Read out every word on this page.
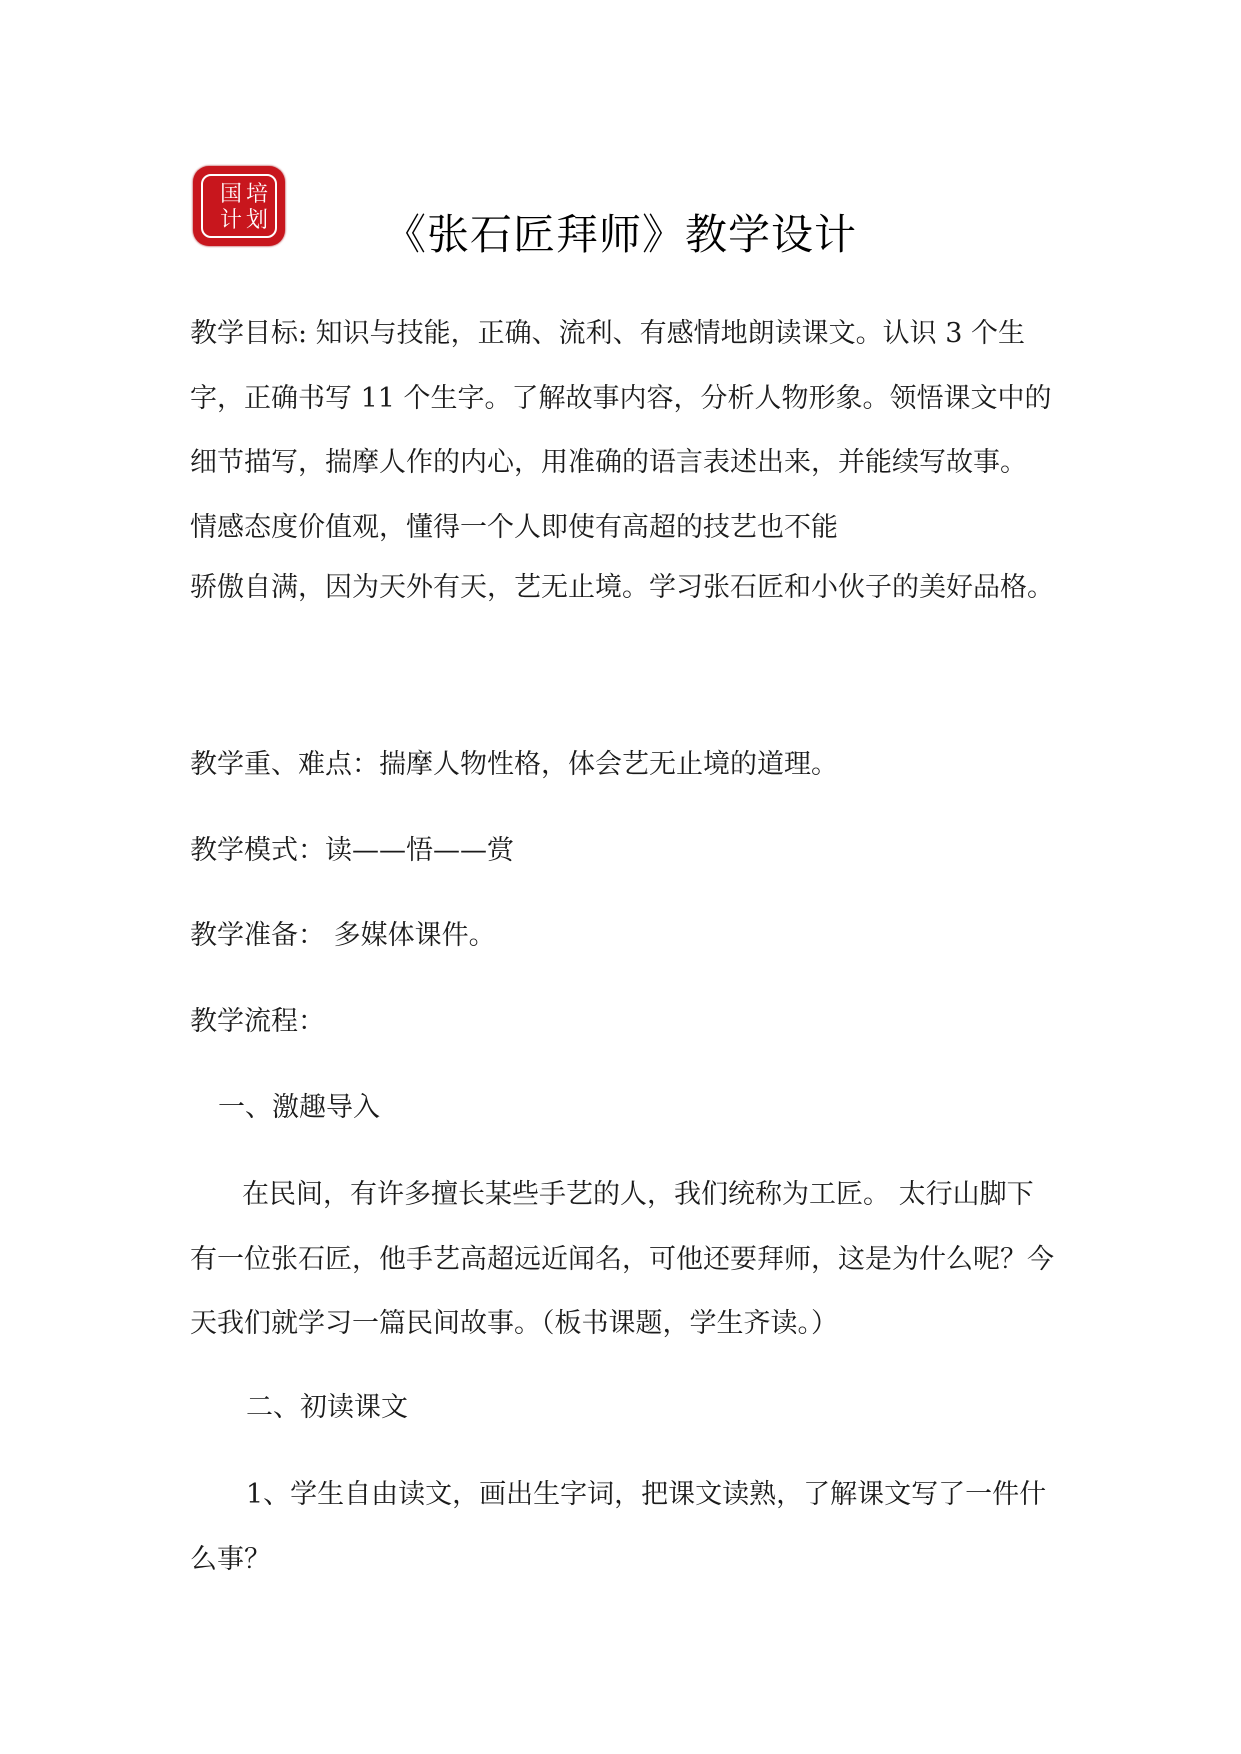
国 培
计 划	《张石匠拜师》教学设计

教学目标: 知识与技能，正确、流利、有感情地朗读课文。认识 3 个生字，正确书写 11 个生字。了解故事内容，分析人物形象。领悟课文中的细节描写，揣摩人作的内心，用准确的语言表述出来，并能续写故事。 情感态度价值观，懂得一个人即使有高超的技艺也不能

骄傲自满，因为天外有天，艺无止境。学习张石匠和小伙子的美好品格。

教学重、难点：揣摩人物性格，体会艺无止境的道理。

教学模式：读——悟——赏

教学准备： 多媒体课件。

教学流程：

一、激趣导入

在民间，有许多擅长某些手艺的人，我们统称为工匠。 太行山脚下有一位张石匠，他手艺高超远近闻名，可他还要拜师，这是为什么呢？今天我们就学习一篇民间故事。（板书课题，学生齐读。）

二、初读课文

1、学生自由读文，画出生字词，把课文读熟，了解课文写了一件什么事？
